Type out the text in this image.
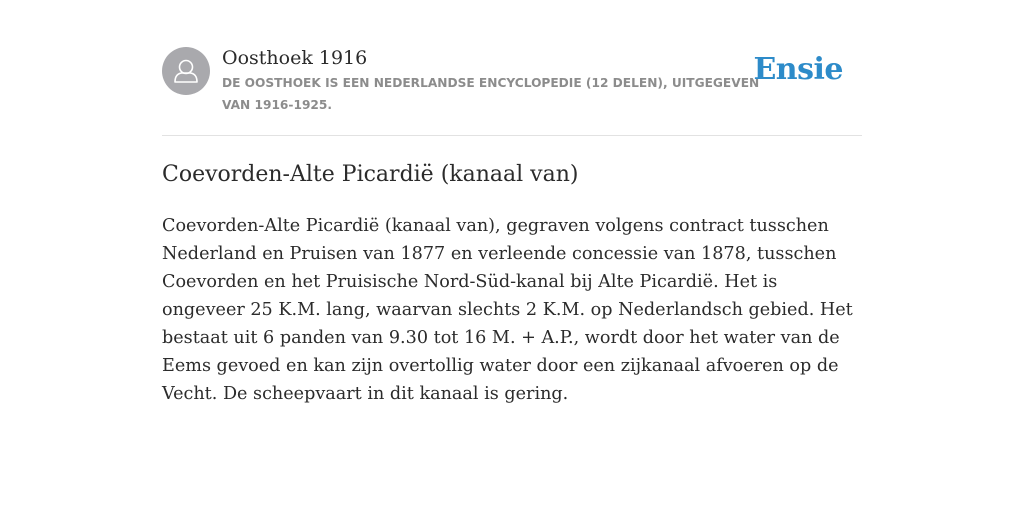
Oosthoek 1916
DE OOSTHOEK IS EEN NEDERLANDSE ENCYCLOPEDIE (12 DELEN), UITGEGEVEN VAN 1916-1925.
Ensie
Coevorden-Alte Picardië (kanaal van)

Coevorden-Alte Picardië (kanaal van), gegraven volgens contract tusschen Nederland en Pruisen van 1877 en verleende concessie van 1878, tusschen Coevorden en het Pruisische Nord-Süd-kanal bij Alte Picardië. Het is ongeveer 25 K.M. lang, waarvan slechts 2 K.M. op Nederlandsch gebied. Het bestaat uit 6 panden van 9.30 tot 16 M. + A.P., wordt door het water van de Eems gevoed en kan zijn overtollig water door een zijkanaal afvoeren op de Vecht. De scheepvaart in dit kanaal is gering.
